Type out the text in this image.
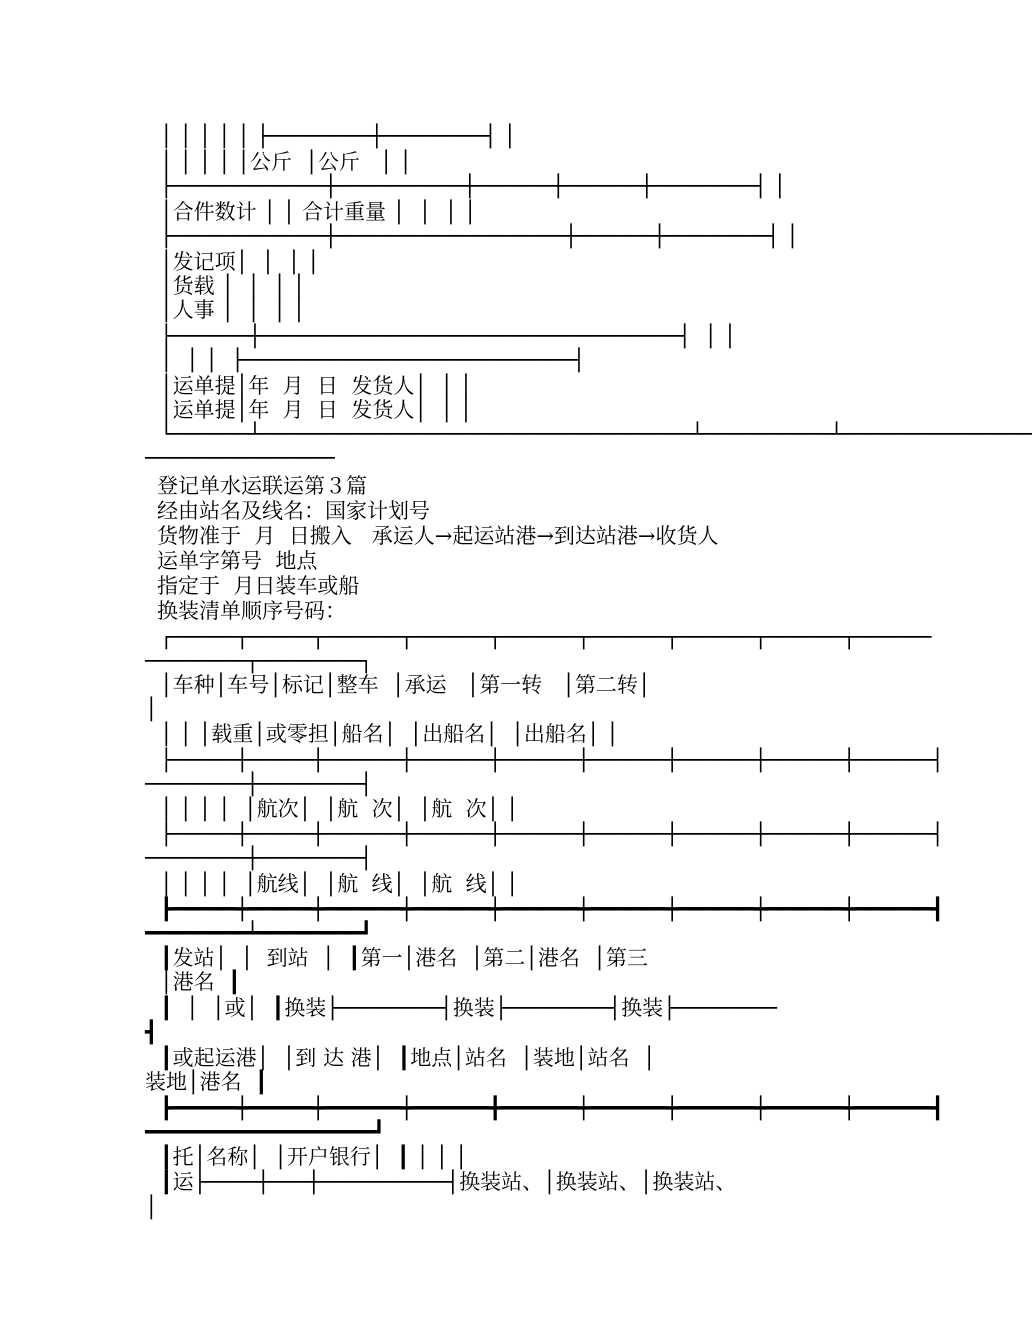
│ │ │ │ │ ├────────┼────────┤ │
│ │ │ │ │公斤  │公斤   │ │
├────────────┼──────────┼──────┼──────┼────────┤ │
│合件数计 │ │ 合计重量 │  │  │ │
├────────────┼──────────────────┼──────┼────────┤ │
│发记项│  │  │ │
│货载 │  │  │ │
│人事 │  │  │ │
├──────┼─────────────────────────────────┤  │ │
│  │ │  ├──────────────────────────┤
│运单提│年  月  日  发货人│  │ │
│运单提│年  月  日  发货人│  │ │
└──────┴──────────────────────────────────┴──────────┴───────────────
───────────────
登记单水运联运第３篇
经由站名及线名：国家计划号
货物准于  月  日搬入   承运人→起运站港→到达站港→收货人
运单字第号  地点
指定于  月日装车或船
换装清单顺序号码：
┌─────┬─────┬──────┬──────┬──────┬──────┬──────┬──────┬──────
────────┬────────┐
│车种│车号│标记│整车  │承运   │第一转   │第二转│
│
│ │ │载重│或零担│船名│  │出船名│  │出船名│ │
├─────┼─────┼──────┼──────┼──────┼──────┼──────┼──────┼──────┤
────────┼────────┤
│ │ │ │  │航次│  │航  次│  │航  次│ │
├─────┼─────┼──────┼──────┼──────┼──────┼──────┼──────┼──────┤
────────┼────────┤
│ │ │ │  │航线│  │航  线│  │航  线│ │
┣━━━━━┿━━━━━┿━━━━━━┿━━━━━━┿━━━━━━┿━━━━━━┿━━━━━━┿━━━━━━┿━━━━━━┫
━━━━━━━━┷━━━━━━━━┛
┃发站│  │  到站  │  ┃第一│港名  │第二│港名  │第三
│港名  ┃
┃  │  │或│  ┃换装├────────┤换装├────────┤换装├────────
┫
┃或起运港│  │到 达 港│  ┃地点│站名  │装地│站名  │
装地│港名  ┃
┣━━━━━┿━━━━━┿━━━━━━┿━━━━━━╋━━━━━━┿━━━━━━┿━━━━━━┿━━━━━━┿━━━━━━┫
━━━━━━━━━━━━━━━━━━┛
┃托│名称│  │开户银行│  ┃ │ │ │
┃运├────┼───┼──────────┤换装站、│换装站、│换装站、
│
